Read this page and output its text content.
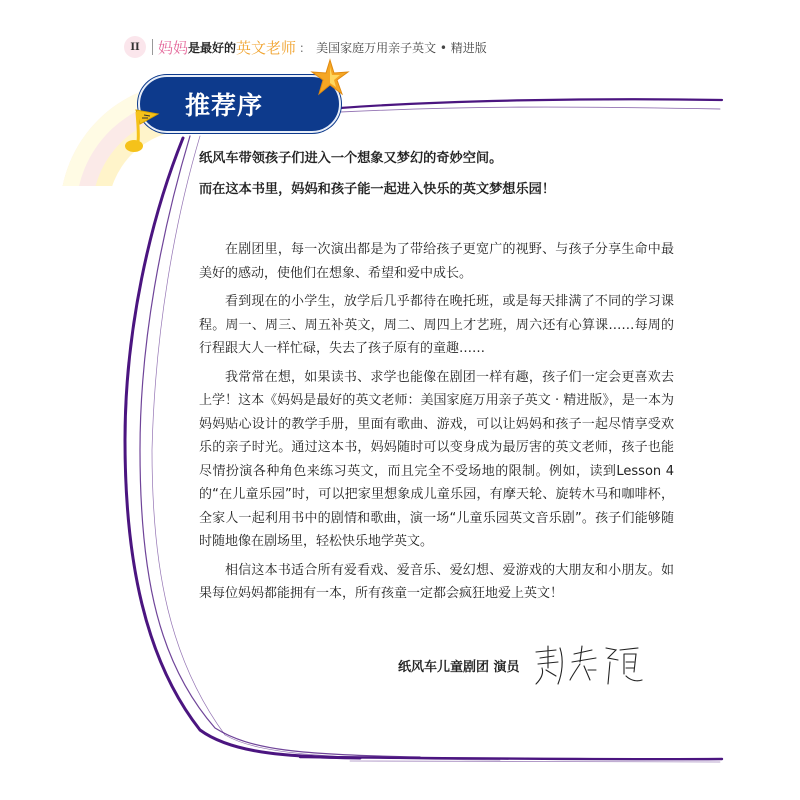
II	妈妈 是最好的 英文老师 ： 美国家庭万用亲子英文 • 精进版
推荐序

纸风车带领孩子们进入一个想象又梦幻的奇妙空间。

而在这本书里，妈妈和孩子能一起进入快乐的英文梦想乐园！

在剧团里，每一次演出都是为了带给孩子更宽广的视野、与孩子分享生命中最美好的感动，使他们在想象、希望和爱中成长。

看到现在的小学生，放学后几乎都待在晚托班，或是每天排满了不同的学习课程。周一、周三、周五补英文，周二、周四上才艺班，周六还有心算课……每周的行程跟大人一样忙碌，失去了孩子原有的童趣……

我常常在想，如果读书、求学也能像在剧团一样有趣，孩子们一定会更喜欢去上学！这本《妈妈是最好的英文老师：美国家庭万用亲子英文 · 精进版》，是一本为妈妈贴心设计的教学手册，里面有歌曲、游戏，可以让妈妈和孩子一起尽情享受欢乐的亲子时光。通过这本书，妈妈随时可以变身成为最厉害的英文老师，孩子也能尽情扮演各种角色来练习英文，而且完全不受场地的限制。例如，读到Lesson 4的“在儿童乐园”时，可以把家里想象成儿童乐园，有摩天轮、旋转木马和咖啡杯，全家人一起利用书中的剧情和歌曲，演一场“儿童乐园英文音乐剧”。孩子们能够随时随地像在剧场里，轻松快乐地学英文。

相信这本书适合所有爱看戏、爱音乐、爱幻想、爱游戏的大朋友和小朋友。如果每位妈妈都能拥有一本，所有孩童一定都会疯狂地爱上英文！

纸风车儿童剧团 演员
